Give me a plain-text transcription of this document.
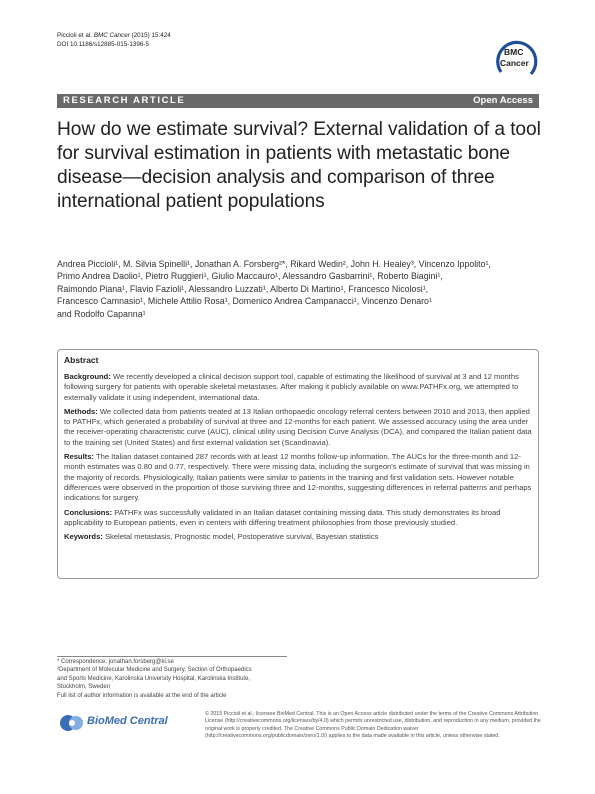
Piccioli et al. BMC Cancer (2015) 15:424
DOI 10.1186/s12885-015-1396-5
BMC
Cancer
RESEARCH ARTICLE	Open Access
How do we estimate survival? External validation of a tool for survival estimation in patients with metastatic bone disease—decision analysis and comparison of three international patient populations
Andrea Piccioli¹, M. Silvia Spinelli¹, Jonathan A. Forsberg²*, Rikard Wedin², John H. Healey³, Vincenzo Ippolito¹,
Primo Andrea Daolio¹, Pietro Ruggieri¹, Giulio Maccauro¹, Alessandro Gasbarrini¹, Roberto Biagini¹,
Raimondo Piana¹, Flavio Fazioli¹, Alessandro Luzzati¹, Alberto Di Martino¹, Francesco Nicolosi¹,
Francesco Camnasio¹, Michele Attilio Rosa¹, Domenico Andrea Campanacci¹, Vincenzo Denaro¹
and Rodolfo Capanna¹
Abstract

Background: We recently developed a clinical decision support tool, capable of estimating the likelihood of survival at 3 and 12 months following surgery for patients with operable skeletal metastases. After making it publicly available on www.PATHFx.org, we attempted to externally validate it using independent, international data.

Methods: We collected data from patients treated at 13 Italian orthopaedic oncology referral centers between 2010 and 2013, then applied to PATHFx, which generated a probability of survival at three and 12-months for each patient. We assessed accuracy using the area under the receiver-operating characteristic curve (AUC), clinical utility using Decision Curve Analysis (DCA), and compared the Italian patient data to the training set (United States) and first external validation set (Scandinavia).

Results: The Italian dataset contained 287 records with at least 12 months follow-up information. The AUCs for the three-month and 12-month estimates was 0.80 and 0.77, respectively. There were missing data, including the surgeon's estimate of survival that was missing in the majority of records. Physiologically, Italian patients were similar to patients in the training and first validation sets. However notable differences were observed in the proportion of those surviving three and 12-months, suggesting differences in referral patterns and perhaps indications for surgery.

Conclusions: PATHFx was successfully validated in an Italian dataset containing missing data. This study demonstrates its broad applicability to European patients, even in centers with differing treatment philosophies from those previously studied.

Keywords: Skeletal metastasis, Prognostic model, Postoperative survival, Bayesian statistics

* Correspondence: jonathan.forsberg@ki.se
²Department of Molecular Medicine and Surgery, Section of Orthopaedics
and Sports Medicine, Karolinska University Hospital, Karolinska Institute,
Stockholm, Sweden
Full list of author information is available at the end of the article
BioMed Central
© 2015 Piccioli et al.; licensee BioMed Central. This is an Open Access article distributed under the terms of the Creative Commons Attribution License (http://creativecommons.org/licenses/by/4.0) which permits unrestricted use, distribution, and reproduction in any medium, provided the original work is properly credited. The Creative Commons Public Domain Dedication waiver (http://creativecommons.org/publicdomain/zero/1.0/) applies to the data made available in this article, unless otherwise stated.
